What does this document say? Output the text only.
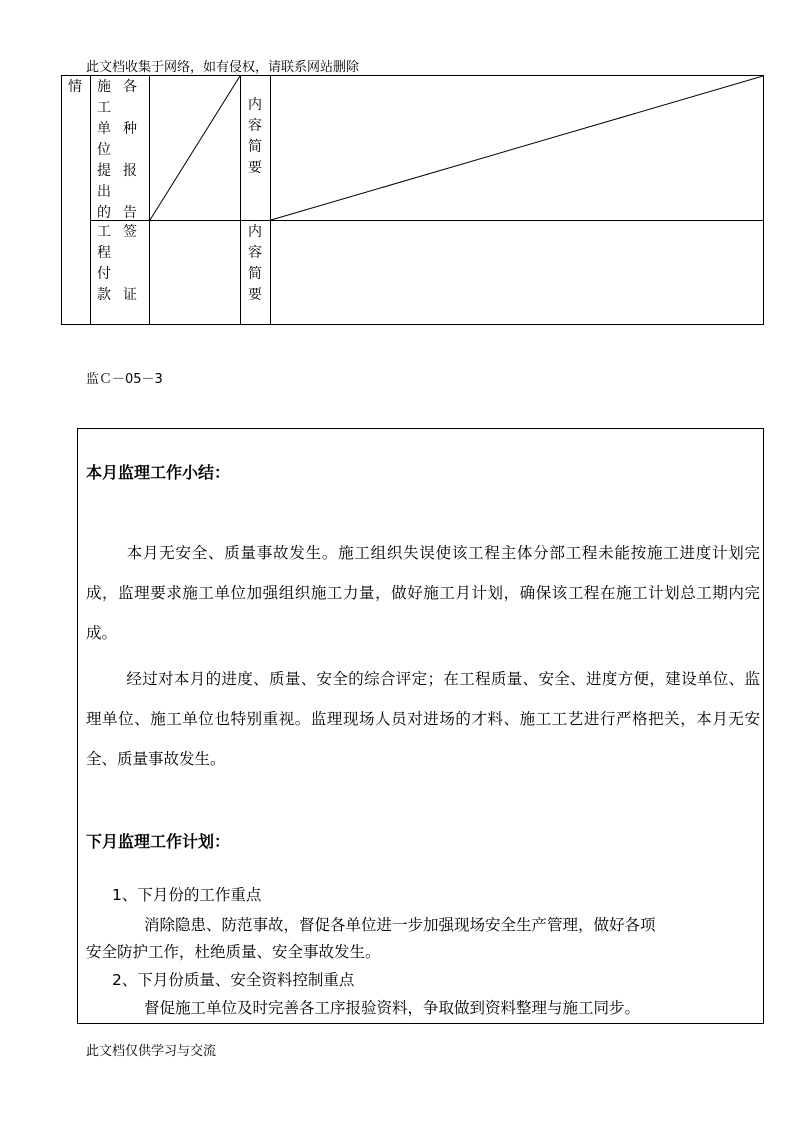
此文档收集于网络，如有侵权，请联系网站删除
情 施
工
单
位
提
出
的
各

种

报

告
内
容
简
要
工
程
付
款
签

证
内
容
简
要
监Ｃ－05－3
本月监理工作小结：
本月无安全、质量事故发生。施工组织失误使该工程主体分部工程未能按施工进度计划完成，监理要求施工单位加强组织施工力量，做好施工月计划，确保该工程在施工计划总工期内完成。
经过对本月的进度、质量、安全的综合评定；在工程质量、安全、进度方便，建设单位、监理单位、施工单位也特别重视。监理现场人员对进场的才料、施工工艺进行严格把关，本月无安全、质量事故发生。
下月监理工作计划：
1、下月份的工作重点
消除隐患、防范事故，督促各单位进一步加强现场安全生产管理，做好各项
安全防护工作，杜绝质量、安全事故发生。
2、下月份质量、安全资料控制重点
督促施工单位及时完善各工序报验资料，争取做到资料整理与施工同步。
此文档仅供学习与交流
